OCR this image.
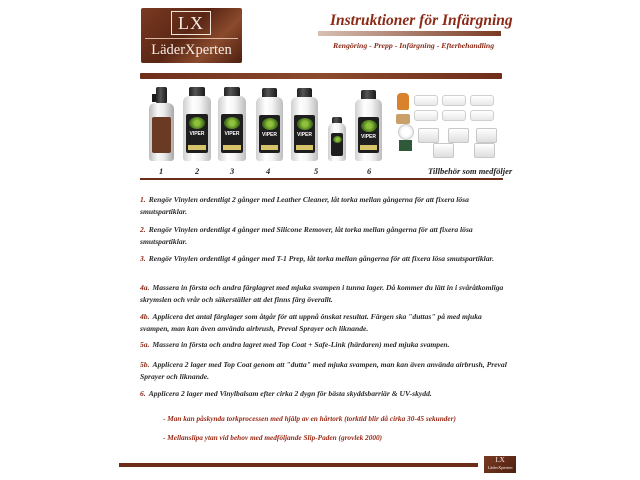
LX
LäderXperten
Instruktioner för Infärgning
Rengöring - Prepp - Infärgning - Efterbehandling
VIPER	VIPER	VIPER	VIPER	VIPER
1	2	3	4	5	6	Tillbehör som medföljer
1. Rengör Vinylen ordentligt 2 gånger med Leather Cleaner, låt torka mellan gångerna för att fixera lösa smutspartiklar.
2. Rengör Vinylen ordentligt 4 gånger med Silicone Remover, låt torka mellan gångerna för att fixera lösa smutspartiklar.
3. Rengör Vinylen ordentligt 4 gånger med T-1 Prep, låt torka mellan gångerna för att fixera lösa smutspartiklar.
4a. Massera in första och andra färglagret med mjuka svampen i tunna lager. Då kommer du lätt in i svåråtkomliga skrymslen och vrår och säkerställer att det finns färg överallt.
4b. Applicera det antal färglager som åtgår för att uppnå önskat resultat. Färgen ska "duttas" på med mjuka svampen, man kan även använda airbrush, Preval Sprayer och liknande.
5a. Massera in första och andra lagret med Top Coat + Safe-Link (härdaren) med mjuka svampen.
5b. Applicera 2 lager med Top Coat genom att "dutta" med mjuka svampen, man kan även använda airbrush, Preval Sprayer och liknande.
6. Applicera 2 lager med Vinylbalsam efter cirka 2 dygn för bästa skyddsbarriär & UV-skydd.
- Man kan påskynda torkprocessen med hjälp av en hårtork (torktid blir då cirka 30-45 sekunder)
- Mellanslipa ytan vid behov med medföljande Slip-Paden (grovlek 2000)
LX
LäderXperten
